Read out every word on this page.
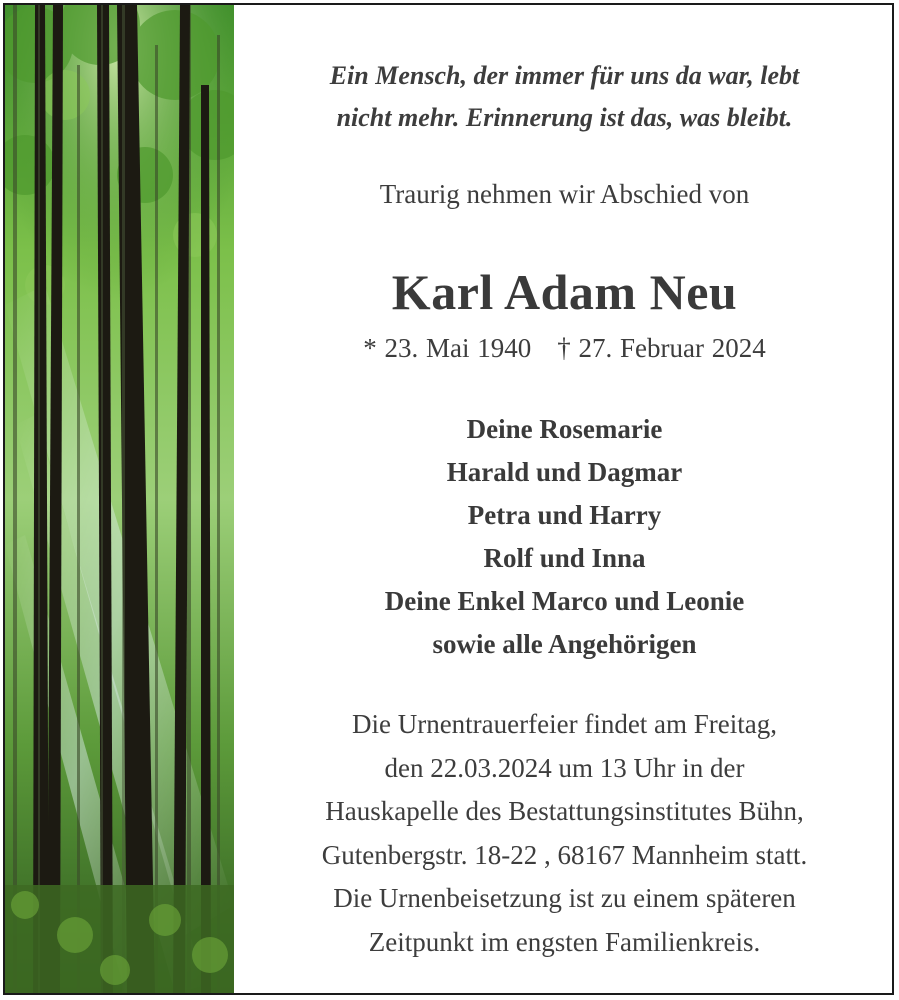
Ein Mensch, der immer für uns da war, lebt
nicht mehr. Erinnerung ist das, was bleibt.
Traurig nehmen wir Abschied von
Karl Adam Neu
* 23. Mai 1940 † 27. Februar 2024
Deine Rosemarie
Harald und Dagmar
Petra und Harry
Rolf und Inna
Deine Enkel Marco und Leonie
sowie alle Angehörigen
Die Urnentrauerfeier findet am Freitag,
den 22.03.2024 um 13 Uhr in der
Hauskapelle des Bestattungsinstitutes Bühn,
Gutenbergstr. 18-22 , 68167 Mannheim statt.
Die Urnenbeisetzung ist zu einem späteren
Zeitpunkt im engsten Familienkreis.
